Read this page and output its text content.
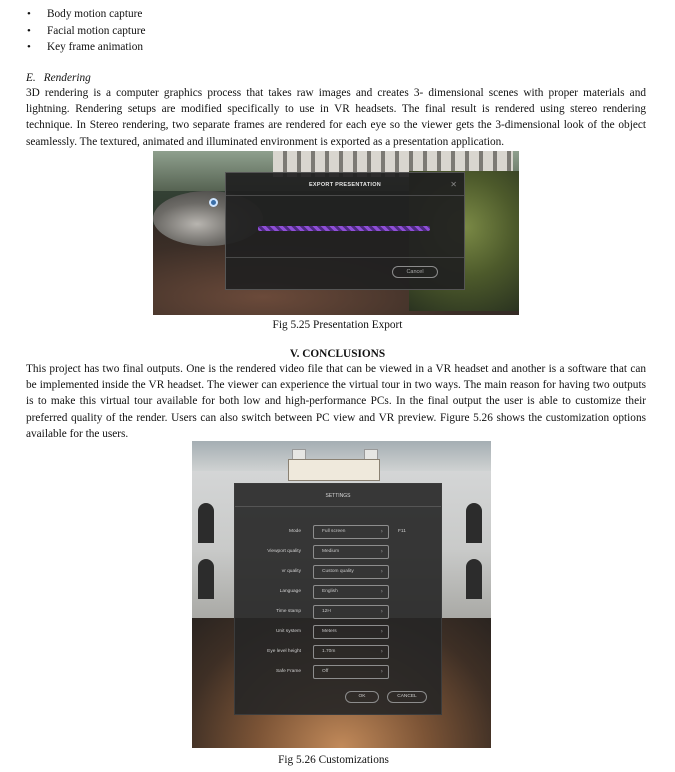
• Body motion capture
• Facial motion capture
• Key frame animation
E. Rendering

3D rendering is a computer graphics process that takes raw images and creates 3- dimensional scenes with proper materials and lightning. Rendering setups are modified specifically to use in VR headsets. The final result is rendered using stereo rendering technique. In Stereo rendering, two separate frames are rendered for each eye so the viewer gets the 3-dimensional look of the object seamlessly. The textured, animated and illuminated environment is exported as a presentation application.

EXPORT PRESENTATION	✕
Cancel
Fig 5.25 Presentation Export
V. CONCLUSIONS

This project has two final outputs. One is the rendered video file that can be viewed in a VR headset and another is a software that can be implemented inside the VR headset. The viewer can experience the virtual tour in two ways. The main reason for having two outputs is to make this virtual tour available for both low and high-performance PCs. In the final output the user is able to customize their preferred quality of the render. Users can also switch between PC view and VR preview. Figure 5.26 shows the customization options available for the users.

SETTINGS
Mode	Full screen	›	F11
Viewport quality	Medium	›
vr quality	Custom quality	›
Language	English	›
Time stamp	12H	›
Unit system	Meters	›
Eye level height	1.70m	›
Safe Frame	Off	›
OK	CANCEL
Fig 5.26 Customizations
